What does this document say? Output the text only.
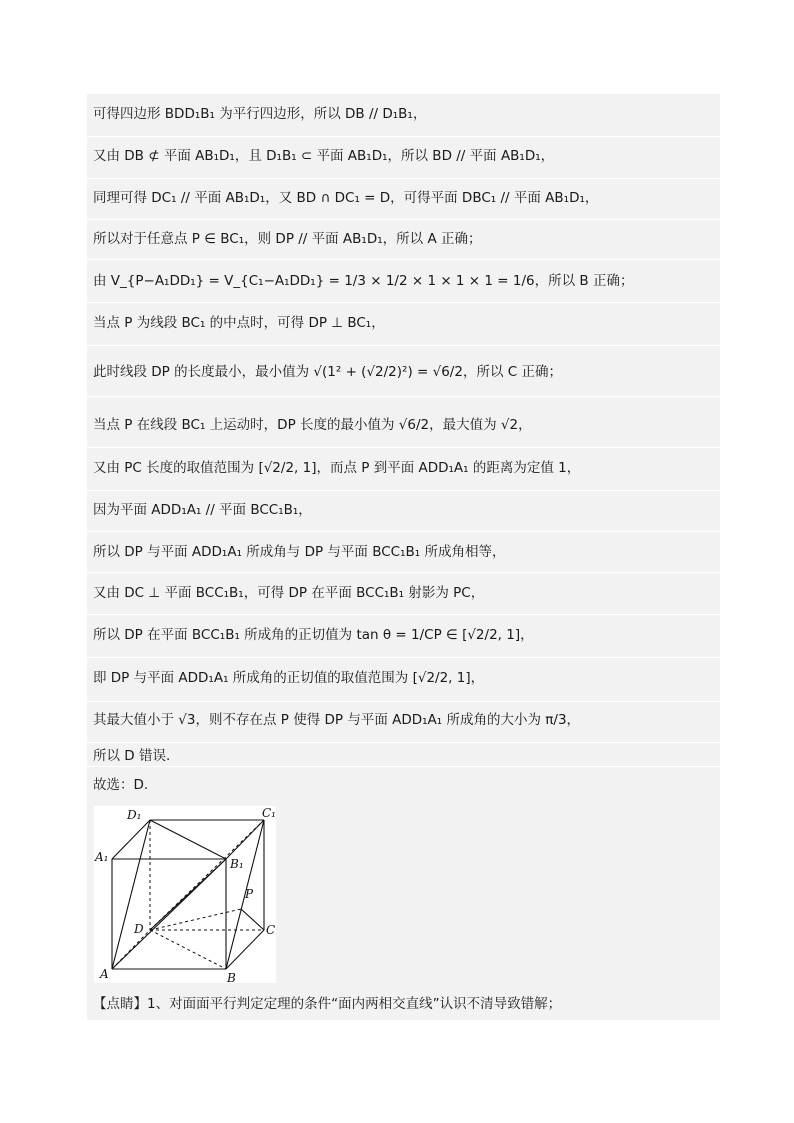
可得四边形 BDD₁B₁ 为平行四边形，所以 DB // D₁B₁，
又由 DB ⊄ 平面 AB₁D₁，且 D₁B₁ ⊂ 平面 AB₁D₁，所以 BD // 平面 AB₁D₁，
同理可得 DC₁ // 平面 AB₁D₁，又 BD ∩ DC₁ = D，可得平面 DBC₁ // 平面 AB₁D₁，
所以对于任意点 P ∈ BC₁，则 DP // 平面 AB₁D₁，所以 A 正确；
由 V_{P−A₁DD₁} = V_{C₁−A₁DD₁} = 1/3 × 1/2 × 1 × 1 × 1 = 1/6，所以 B 正确；
当点 P 为线段 BC₁ 的中点时，可得 DP ⊥ BC₁，
此时线段 DP 的长度最小，最小值为 √(1² + (√2/2)²) = √6/2，所以 C 正确；
当点 P 在线段 BC₁ 上运动时，DP 长度的最小值为 √6/2，最大值为 √2，
又由 PC 长度的取值范围为 [√2/2, 1]，而点 P 到平面 ADD₁A₁ 的距离为定值 1，
因为平面 ADD₁A₁ // 平面 BCC₁B₁，
所以 DP 与平面 ADD₁A₁ 所成角与 DP 与平面 BCC₁B₁ 所成角相等，
又由 DC ⊥ 平面 BCC₁B₁，可得 DP 在平面 BCC₁B₁ 射影为 PC，
所以 DP 在平面 BCC₁B₁ 所成角的正切值为 tan θ = 1/CP ∈ [√2/2, 1]，
即 DP 与平面 ADD₁A₁ 所成角的正切值的取值范围为 [√2/2, 1]，
其最大值小于 √3，则不存在点 P 使得 DP 与平面 ADD₁A₁ 所成角的大小为 π/3，
所以 D 错误.
故选：D.
【点睛】1、对面面平行判定定理的条件“面内两相交直线”认识不清导致错解；
D₁	C₁
A₁	B₁
P
D	C
A	B
